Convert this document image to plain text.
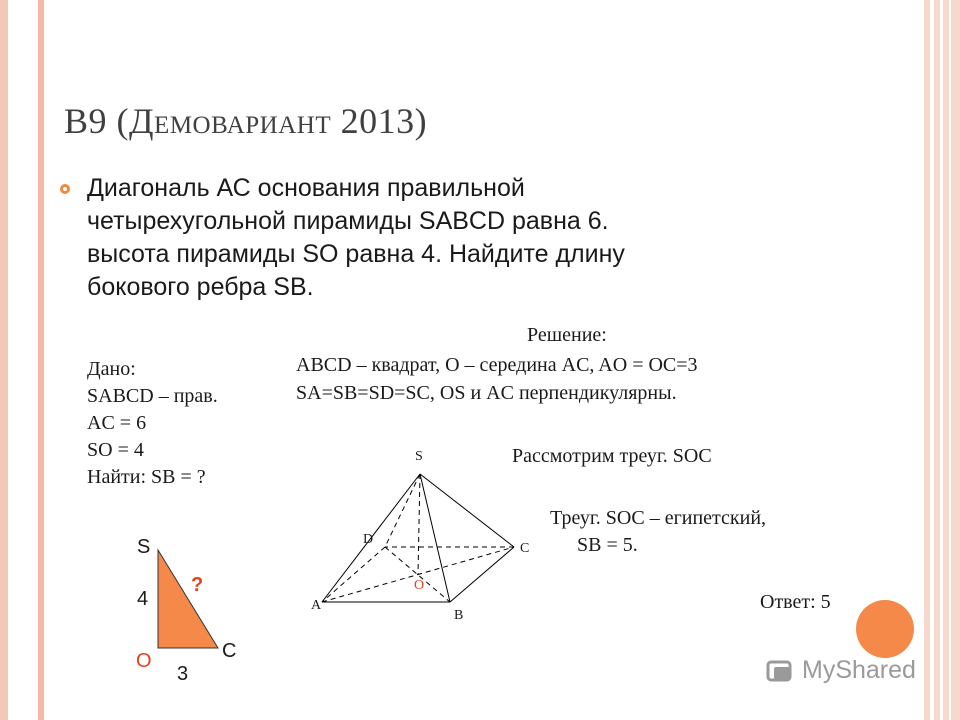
B9 (Демовариант 2013)
Диагональ АС основания правильной
четырехугольной пирамиды SABCD равна 6.
высота пирамиды SO равна 4. Найдите длину
бокового ребра SB.
Дано:
SABCD – прав.
AC = 6
SO = 4
Найти: SB = ?
Решение:
ABCD – квадрат, O – середина AC, AO = OC=3
SA=SB=SD=SC, OS и AC перпендикулярны.
Рассмотрим треуг. SOC
Треуг. SOC – египетский,
SB = 5.
Ответ: 5
S
D
C
A
O
B
S
4
?
O	C
3	MyShared
